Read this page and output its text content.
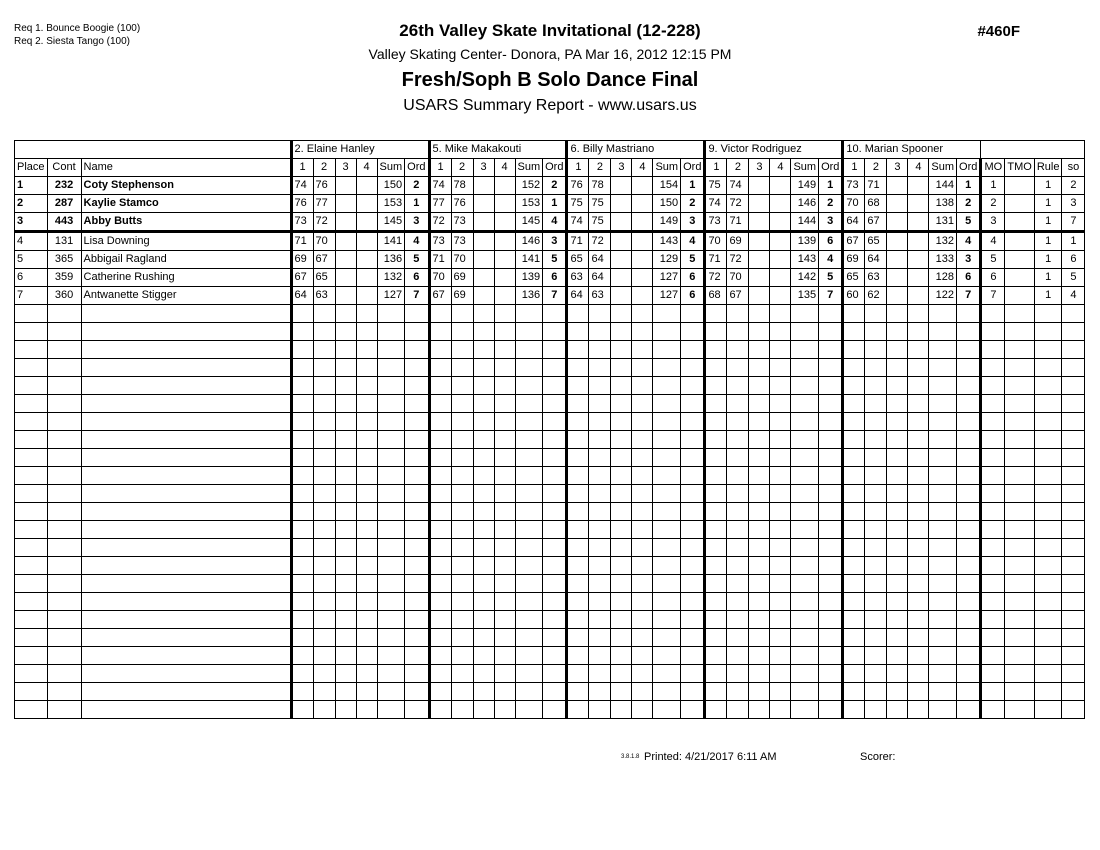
Req 1. Bounce Boogie (100)
Req 2. Siesta Tango (100)
#460F
26th Valley Skate Invitational (12-228)
Valley Skating Center- Donora, PA Mar 16, 2012 12:15 PM
Fresh/Soph B Solo Dance Final
USARS Summary Report - www.usars.us
			2. Elaine Hanley						5. Mike Makakouti						6. Billy Mastriano						9. Victor Rodriguez						10. Marian Spooner									
Place	Cont	Name	1	2	3	4	Sum	Ord	1	2	3	4	Sum	Ord	1	2	3	4	Sum	Ord	1	2	3	4	Sum	Ord	1	2	3	4	Sum	Ord	MO	TMO	Rule	so
1	232	Coty Stephenson	74	76			150	2	74	78			152	2	76	78			154	1	75	74			149	1	73	71			144	1	1		1	2
2	287	Kaylie Stamco	76	77			153	1	77	76			153	1	75	75			150	2	74	72			146	2	70	68			138	2	2		1	3
3	443	Abby Butts	73	72			145	3	72	73			145	4	74	75			149	3	73	71			144	3	64	67			131	5	3		1	7
4	131	Lisa Downing	71	70			141	4	73	73			146	3	71	72			143	4	70	69			139	6	67	65			132	4	4		1	1
5	365	Abbigail Ragland	69	67			136	5	71	70			141	5	65	64			129	5	71	72			143	4	69	64			133	3	5		1	6
6	359	Catherine Rushing	67	65			132	6	70	69			139	6	63	64			127	6	72	70			142	5	65	63			128	6	6		1	5
7	360	Antwanette Stigger	64	63			127	7	67	69			136	7	64	63			127	6	68	67			135	7	60	62			122	7	7		1	4

3.8.1.8 Printed: 4/21/2017 6:11 AM	Scorer:
